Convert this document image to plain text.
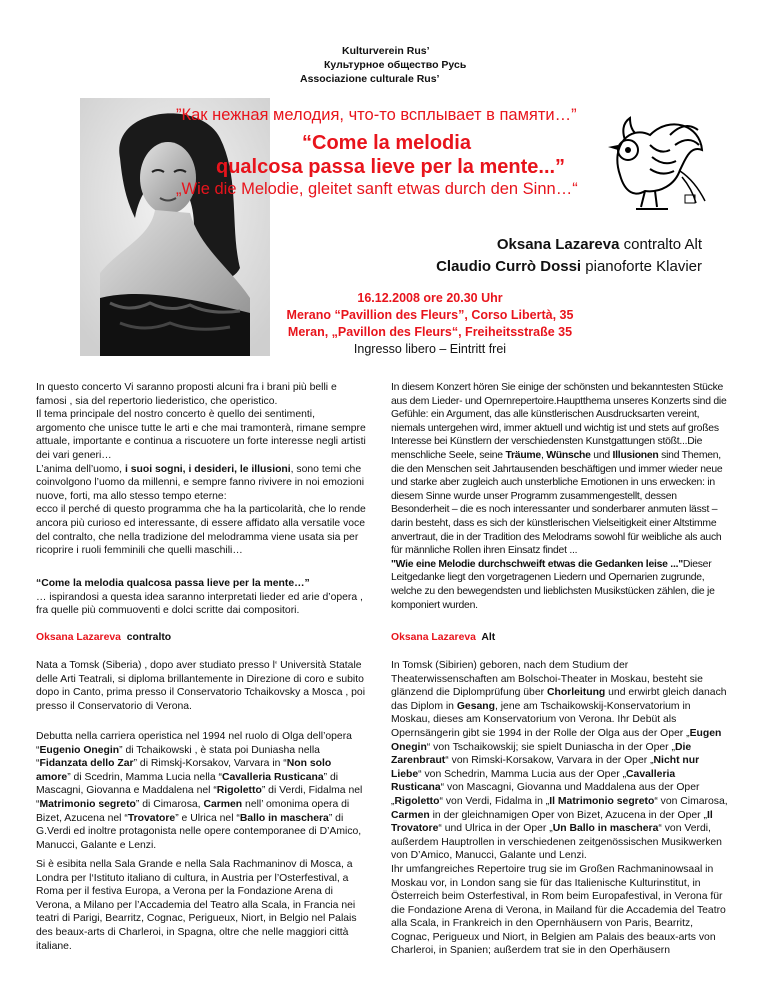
Kulturverein Rus’
Культурное общество Русь
Associazione culturale Rus’
”Как нежная мелодия, что-то всплывает в памяти…”
“Come la melodia
qualcosa passa lieve per la mente...”
„Wie die Melodie, gleitet sanft etwas durch den Sinn…“
Oksana Lazareva contralto Alt
Claudio Currò Dossi pianoforte Klavier
16.12.2008 ore 20.30 Uhr
Merano “Pavillion des Fleurs”, Corso Libertà, 35
Meran, „Pavillon des Fleurs“, Freiheitsstraße 35
Ingresso libero – Eintritt frei

In questo concerto Vi saranno proposti alcuni fra i brani più belli e famosi , sia del repertorio liederistico, che operistico.

Il tema principale del nostro concerto è quello dei sentimenti, argomento che unisce tutte le arti e che mai tramonterà, rimane sempre attuale, importante e continua a riscuotere un forte interesse negli artisti dei vari generi…

L’anima dell’uomo, i suoi sogni, i desideri, le illusioni, sono temi che coinvolgono l’uomo da millenni, e sempre fanno rivivere in noi emozioni nuove, forti, ma allo stesso tempo eterne:

ecco il perché di questo programma che ha la particolarità, che lo rende ancora più curioso ed interessante, di essere affidato alla versatile voce del contralto, che nella tradizione del melodramma viene usata sia per ricoprire i ruoli femminili che quelli maschili…

“Come la melodia qualcosa passa lieve per la mente…”

… ispirandosi a questa idea saranno interpretati lieder ed arie d’opera , fra quelle più commuoventi e dolci scritte dai compositori.

Oksana Lazareva contralto

Nata a Tomsk (Siberia) , dopo aver studiato presso l‘ Università Statale delle Arti Teatrali, si diploma brillantemente in Direzione di coro e subito dopo in Canto, prima presso il Conservatorio Tchaikovsky a Mosca , poi presso il Conservatorio di Verona.

Debutta nella carriera operistica nel 1994 nel ruolo di Olga dell’opera “Eugenio Onegin” di Tchaikowski , è stata poi Duniasha nella “Fidanzata dello Zar” di Rimskj-Korsakov, Varvara in “Non solo amore” di Scedrin, Mamma Lucia nella “Cavalleria Rusticana” di Mascagni, Giovanna e Maddalena nel “Rigoletto” di Verdi, Fidalma nel “Matrimonio segreto” di Cimarosa, Carmen nell’ omonima opera di Bizet, Azucena nel “Trovatore” e Ulrica nel “Ballo in maschera” di G.Verdi ed inoltre protagonista nelle opere contemporanee di D’Amico, Manucci, Galante e Lenzi.

Si è esibita nella Sala Grande e nella Sala Rachmaninov di Mosca, a Londra per l‘Istituto italiano di cultura, in Austria per l’Osterfestival, a Roma per il festiva Europa, a Verona per la Fondazione Arena di Verona, a Milano per l’Accademia del Teatro alla Scala, in Francia nei teatri di Parigi, Bearritz, Cognac, Perigueux, Niort, in Belgio nel Palais des beaux-arts di Charleroi, in Spagna, oltre che nelle maggiori città italiane.

In diesem Konzert hören Sie einige der schönsten und bekanntesten Stücke aus dem Lieder- und Opernrepertoire.Hauptthema unseres Konzerts sind die Gefühle: ein Argument, das alle künstlerischen Ausdrucksarten vereint, niemals untergehen wird, immer aktuell und wichtig ist und stets auf großes Interesse bei Künstlern der verschiedensten Kunstgattungen stößt...Die menschliche Seele, seine Träume, Wünsche und Illusionen sind Themen, die den Menschen seit Jahrtausenden beschäftigen und immer wieder neue und starke aber zugleich auch unsterbliche Emotionen in uns erwecken: in diesem Sinne wurde unser Programm zusammengestellt, dessen Besonderheit – die es noch interessanter und sonderbarer anmuten lässt – darin besteht, dass es sich der künstlerischen Vielseitigkeit einer Altstimme anvertraut, die in der Tradition des Melodrams sowohl für weibliche als auch für männliche Rollen ihren Einsatz findet ...

"Wie eine Melodie durchschweift etwas die Gedanken leise ..."Dieser Leitgedanke liegt den vorgetragenen Liedern und Opernarien zugrunde, welche zu den bewegendsten und lieblichsten Musikstücken zählen, die je komponiert wurden.

Oksana Lazareva Alt

In Tomsk (Sibirien) geboren, nach dem Studium der Theaterwissenschaften am Bolschoi-Theater in Moskau, besteht sie glänzend die Diplomprüfung über Chorleitung und erwirbt gleich danach das Diplom in Gesang, jene am Tschaikowskij-Konservatorium in Moskau, dieses am Konservatorium von Verona. Ihr Debüt als Opernsängerin gibt sie 1994 in der Rolle der Olga aus der Oper „Eugen Onegin“ von Tschaikowskij; sie spielt Duniascha in der Oper „Die Zarenbraut“ von Rimski-Korsakow, Varvara in der Oper „Nicht nur Liebe“ von Schedrin, Mamma Lucia aus der Oper „Cavalleria Rusticana“ von Mascagni, Giovanna und Maddalena aus der Oper „Rigoletto“ von Verdi, Fidalma in „Il Matrimonio segreto“ von Cimarosa, Carmen in der gleichnamigen Oper von Bizet, Azucena in der Oper „Il Trovatore“ und Ulrica in der Oper „Un Ballo in maschera“ von Verdi, außerdem Hauptrollen in verschiedenen zeitgenössischen Musikwerken von D’Amico, Manucci, Galante und Lenzi.

Ihr umfangreiches Repertoire trug sie im Großen Rachmaninowsaal in Moskau vor, in London sang sie für das Italienische Kulturinstitut, in Österreich beim Osterfestival, in Rom beim Europafestival, in Verona für die Fondazione Arena di Verona, in Mailand für die Accademia del Teatro alla Scala, in Frankreich in den Opernhäusern von Paris, Bearritz, Cognac, Perigueux und Niort, in Belgien am Palais des beaux-arts von Charleroi, in Spanien; außerdem trat sie in den Operhäusern
